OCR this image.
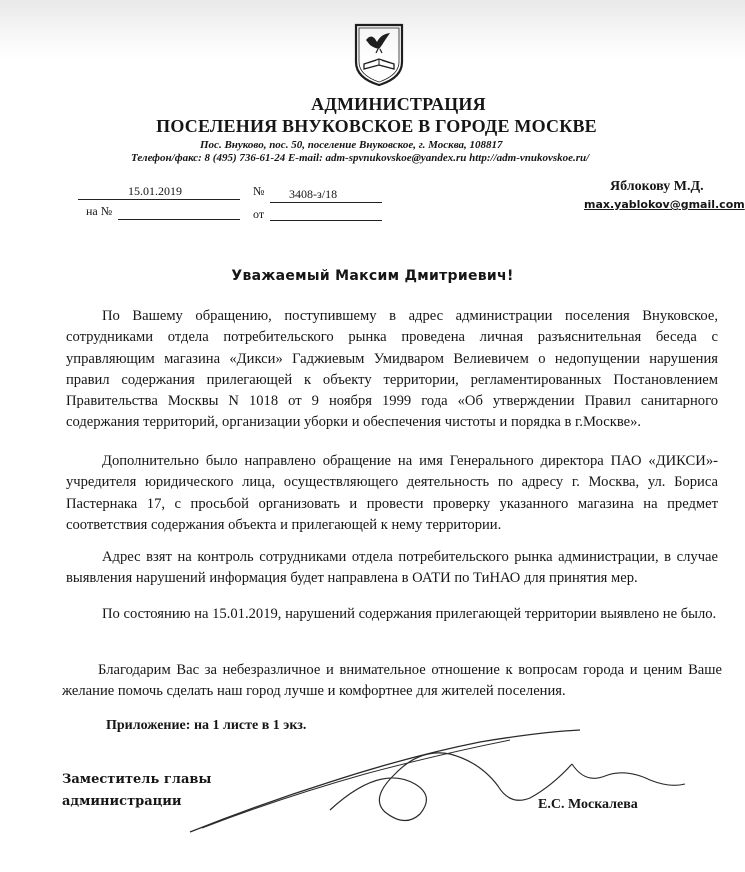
АДМИНИСТРАЦИЯ
ПОСЕЛЕНИЯ ВНУКОВСКОЕ В ГОРОДЕ МОСКВЕ
Пос. Внуково, пос. 50, поселение Внуковское, г. Москва, 108817
Телефон/факс: 8 (495) 736-61-24 E-mail: adm-spvnukovskoe@yandex.ru http://adm-vnukovskoe.ru/
15.01.2019	№ 3408-з/18
на №	от
Яблокову М.Д.
max.yablokov@gmail.com
Уважаемый Максим Дмитриевич!

По Вашему обращению, поступившему в адрес администрации поселения Внуковское, сотрудниками отдела потребительского рынка проведена личная разъяснительная беседа с управляющим магазина «Дикси» Гаджиевым Умидваром Велиевичем о недопущении нарушения правил содержания прилегающей к объекту территории, регламентированных Постановлением Правительства Москвы N 1018 от 9 ноября 1999 года «Об утверждении Правил санитарного содержания территорий, организации уборки и обеспечения чистоты и порядка в г.Москве».

Дополнительно было направлено обращение на имя Генерального директора ПАО «ДИКСИ»-учредителя юридического лица, осуществляющего деятельность по адресу г. Москва, ул. Бориса Пастернака 17, с просьбой организовать и провести проверку указанного магазина на предмет соответствия содержания объекта и прилегающей к нему территории.

Адрес взят на контроль сотрудниками отдела потребительского рынка администрации, в случае выявления нарушений информация будет направлена в ОАТИ по ТиНАО для принятия мер.

По состоянию на 15.01.2019, нарушений содержания прилегающей территории выявлено не было.

Благодарим Вас за небезразличное и внимательное отношение к вопросам города и ценим Ваше желание помочь сделать наш город лучше и комфортнее для жителей поселения.

Приложение: на 1 листе в 1 экз.
Заместитель главы
администрации	Е.С. Москалева
